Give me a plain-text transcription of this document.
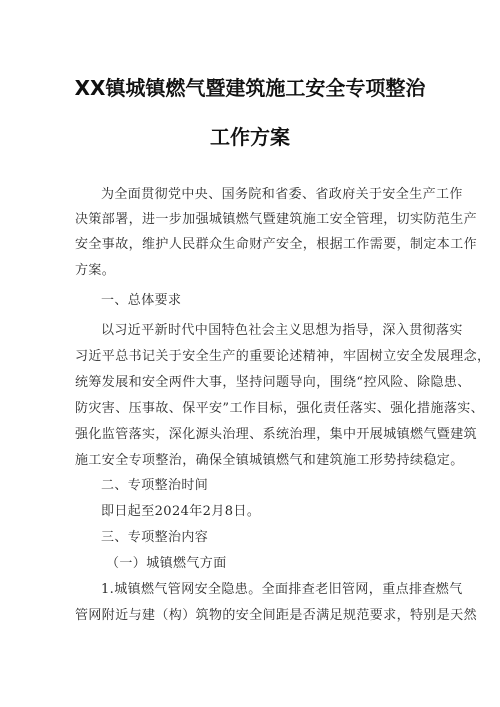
XX镇城镇燃气暨建筑施工安全专项整治
工作方案
为全面贯彻党中央、国务院和省委、省政府关于安全生产工作
决策部署，进一步加强城镇燃气暨建筑施工安全管理，切实防范生产
安全事故，维护人民群众生命财产安全，根据工作需要，制定本工作
方案。
一、总体要求
以习近平新时代中国特色社会主义思想为指导，深入贯彻落实
习近平总书记关于安全生产的重要论述精神，牢固树立安全发展理念，
统筹发展和安全两件大事，坚持问题导向，围绕“控风险、除隐患、
防灾害、压事故、保平安”工作目标，强化责任落实、强化措施落实、
强化监管落实，深化源头治理、系统治理，集中开展城镇燃气暨建筑
施工安全专项整治，确保全镇城镇燃气和建筑施工形势持续稳定。
二、专项整治时间
即日起至2024年2月8日。
三、专项整治内容
（一）城镇燃气方面
1.城镇燃气管网安全隐患。全面排查老旧管网，重点排查燃气
管网附近与建（构）筑物的安全间距是否满足规范要求，特别是天然
